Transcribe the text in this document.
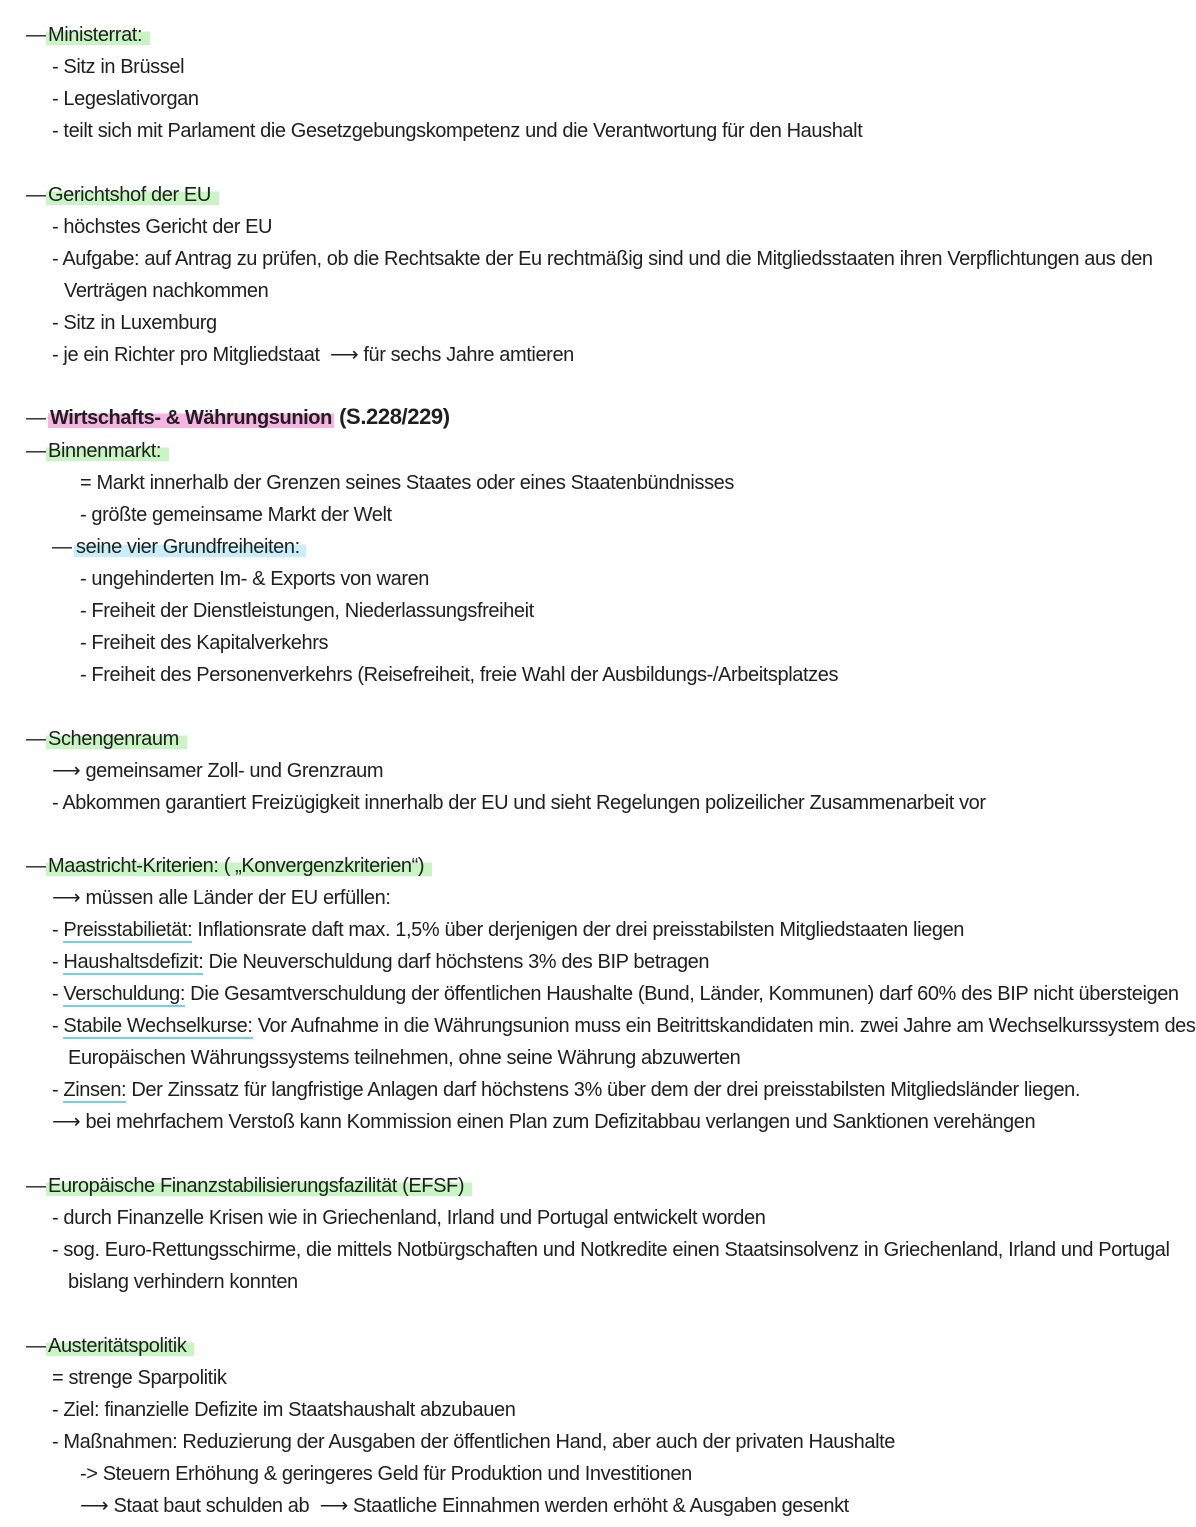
— Ministerrat:
- Sitz in Brüssel
- Legeslativorgan
- teilt sich mit Parlament die Gesetzgebungskompetenz und die Verantwortung für den Haushalt
— Gerichtshof der EU
- höchstes Gericht der EU
- Aufgabe: auf Antrag zu prüfen, ob die Rechtsakte der Eu rechtmäßig sind und die Mitgliedsstaaten ihren Verpflichtungen aus den
Verträgen nachkommen
- Sitz in Luxemburg
- je ein Richter pro Mitgliedstaat  ⟶ für sechs Jahre amtieren
— Wirtschafts- & Währungsunion (S.228/229)
— Binnenmarkt:
= Markt innerhalb der Grenzen seines Staates oder eines Staatenbündnisses
- größte gemeinsame Markt der Welt
— seine vier Grundfreiheiten:
- ungehinderten Im- & Exports von waren
- Freiheit der Dienstleistungen, Niederlassungsfreiheit
- Freiheit des Kapitalverkehrs
- Freiheit des Personenverkehrs (Reisefreiheit, freie Wahl der Ausbildungs-/Arbeitsplatzes
— Schengenraum
⟶ gemeinsamer Zoll- und Grenzraum
- Abkommen garantiert Freizügigkeit innerhalb der EU und sieht Regelungen polizeilicher Zusammenarbeit vor
— Maastricht-Kriterien: ( „Konvergenzkriterien“)
⟶ müssen alle Länder der EU erfüllen:
- Preisstabilietät: Inflationsrate daft max. 1,5% über derjenigen der drei preisstabilsten Mitgliedstaaten liegen
- Haushaltsdefizit: Die Neuverschuldung darf höchstens 3% des BIP betragen
- Verschuldung: Die Gesamtverschuldung der öffentlichen Haushalte (Bund, Länder, Kommunen) darf 60% des BIP nicht übersteigen
- Stabile Wechselkurse: Vor Aufnahme in die Währungsunion muss ein Beitrittskandidaten min. zwei Jahre am Wechselkurssystem des
Europäischen Währungssystems teilnehmen, ohne seine Währung abzuwerten
- Zinsen: Der Zinssatz für langfristige Anlagen darf höchstens 3% über dem der drei preisstabilsten Mitgliedsländer liegen.
⟶ bei mehrfachem Verstoß kann Kommission einen Plan zum Defizitabbau verlangen und Sanktionen verehängen
— Europäische Finanzstabilisierungsfazilität (EFSF)
- durch Finanzelle Krisen wie in Griechenland, Irland und Portugal entwickelt worden
- sog. Euro-Rettungsschirme, die mittels Notbürgschaften und Notkredite einen Staatsinsolvenz in Griechenland, Irland und Portugal
bislang verhindern konnten
— Austeritätspolitik
= strenge Sparpolitik
- Ziel: finanzielle Defizite im Staatshaushalt abzubauen
- Maßnahmen: Reduzierung der Ausgaben der öffentlichen Hand, aber auch der privaten Haushalte
-> Steuern Erhöhung & geringeres Geld für Produktion und Investitionen
⟶ Staat baut schulden ab  ⟶ Staatliche Einnahmen werden erhöht & Ausgaben gesenkt
